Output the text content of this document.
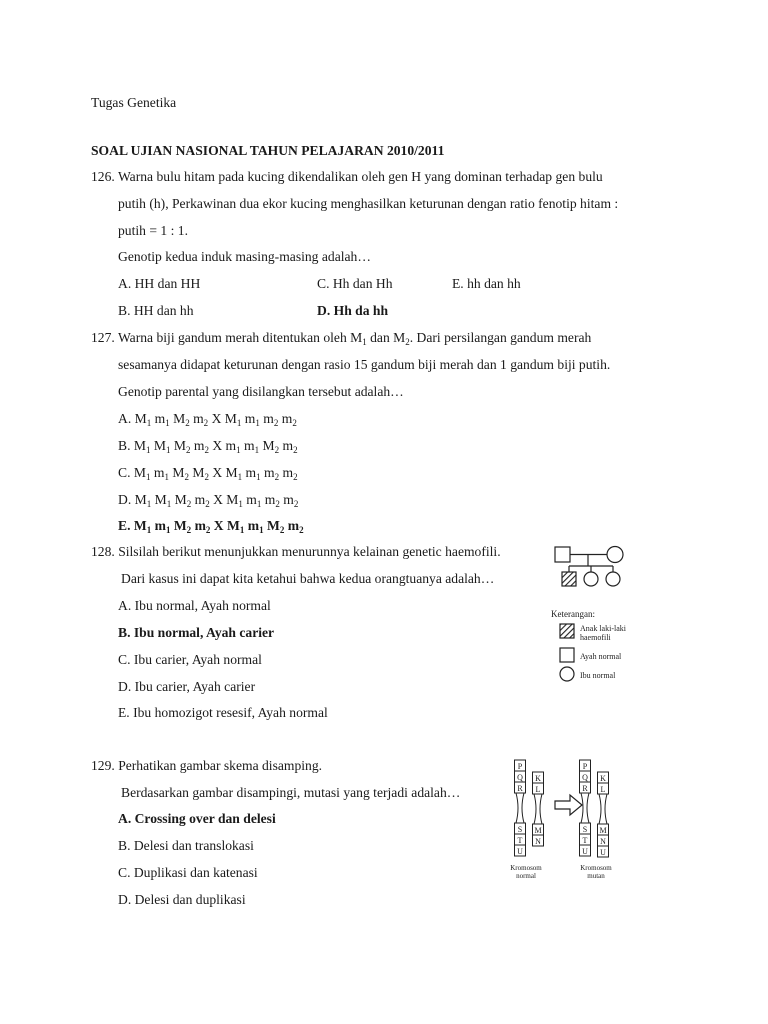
Tugas Genetika
SOAL UJIAN NASIONAL TAHUN PELAJARAN 2010/2011
126. Warna bulu hitam pada kucing dikendalikan oleh gen H yang dominan terhadap gen bulu
putih (h), Perkawinan dua ekor kucing menghasilkan keturunan dengan ratio fenotip hitam :
putih = 1 : 1.
Genotip kedua induk masing-masing adalah…
A. HH dan HH	C. Hh dan Hh	E. hh dan hh
B. HH dan hh	D. Hh da hh
127. Warna biji gandum merah ditentukan oleh $M_1$ dan $M_2$. Dari persilangan gandum merah
sesamanya didapat keturunan dengan rasio 15 gandum biji merah dan 1 gandum biji putih.
Genotip parental yang disilangkan tersebut adalah…
A. $M_1$ $m_1$ $M_2$ $m_2$ X $M_1$ $m_1$ $m_2$ $m_2$
B. $M_1$ $M_1$ $M_2$ $m_2$ X $m_1$ $m_1$ $M_2$ $m_2$
C. $M_1$ $m_1$ $M_2$ $M_2$ X $M_1$ $m_1$ $m_2$ $m_2$
D. $M_1$ $M_1$ $M_2$ $m_2$ X $M_1$ $m_1$ $m_2$ $m_2$
E. $M_1$ $m_1$ $M_2$ $m_2$ X $M_1$ $m_1$ $M_2$ $m_2$
128. Silsilah berikut menunjukkan menurunnya kelainan genetic haemofili.
Dari kasus ini dapat kita ketahui bahwa kedua orangtuanya adalah…
A. Ibu normal, Ayah normal
B. Ibu normal, Ayah carier
C. Ibu carier, Ayah normal
D. Ibu carier, Ayah carier
E. Ibu homozigot resesif, Ayah normal
Keterangan:
Anak laki-laki
haemofili
Ayah normal
Ibu normal
129. Perhatikan gambar skema disamping.
Berdasarkan gambar disampingi, mutasi yang terjadi adalah…
A. Crossing over dan delesi
B. Delesi dan translokasi
C. Duplikasi dan katenasi
D. Delesi dan duplikasi
P
Q
R
S
T
U
K
L
M
N
P
Q
R
S
T
U
K
L
M
N
U
Kromosom
normal
Kromosom
mutan
